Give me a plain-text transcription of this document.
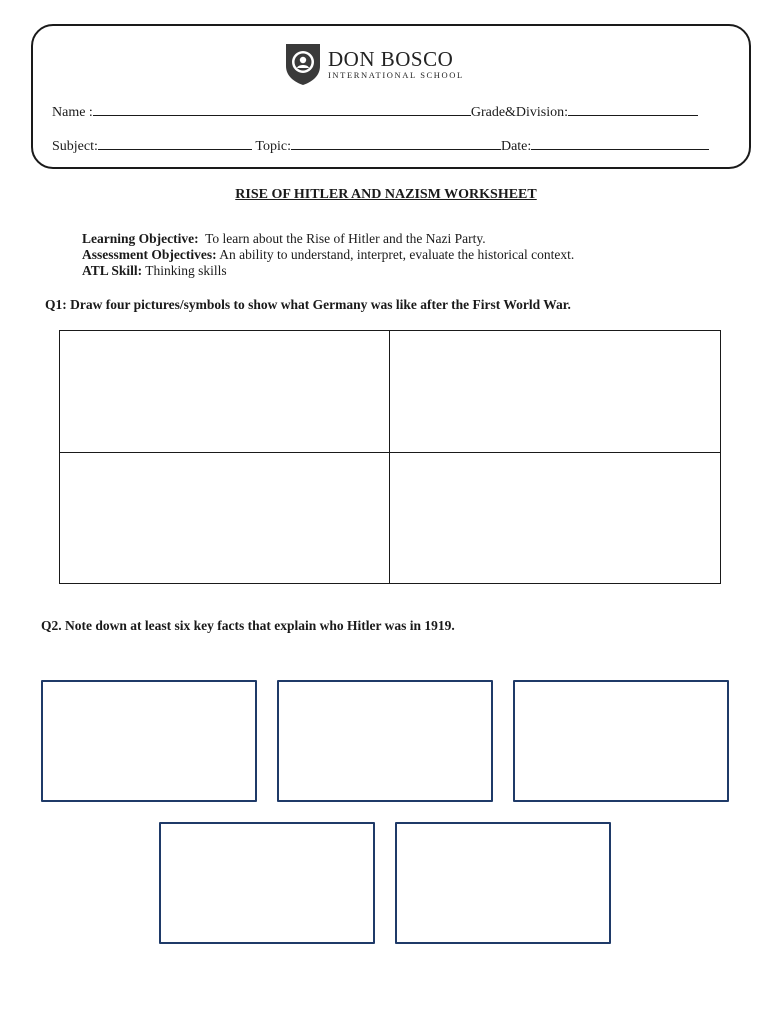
DON BOSCO
INTERNATIONAL SCHOOL
Name :	Grade&Division:
Subject:	Topic:	Date:
RISE OF HITLER AND NAZISM WORKSHEET
Learning Objective: To learn about the Rise of Hitler and the Nazi Party.
Assessment Objectives: An ability to understand, interpret, evaluate the historical context.
ATL Skill: Thinking skills
Q1: Draw four pictures/symbols to show what Germany was like after the First World War.
Q2. Note down at least six key facts that explain who Hitler was in 1919.
